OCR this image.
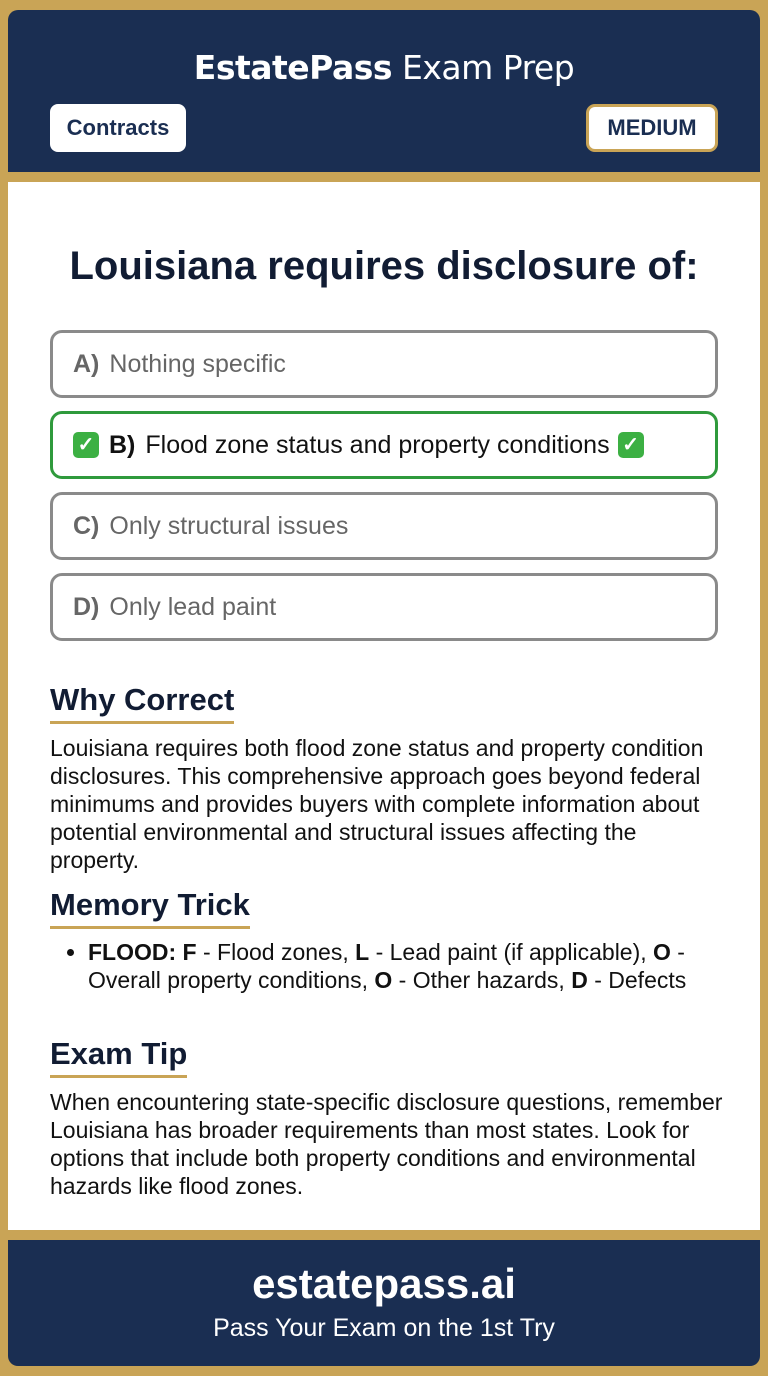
EstatePass Exam Prep
Contracts	MEDIUM
Louisiana requires disclosure of:
A) Nothing specific
✓ B) Flood zone status and property conditions ✓
C) Only structural issues
D) Only lead paint
Why Correct
Louisiana requires both flood zone status and property condition disclosures. This comprehensive approach goes beyond federal minimums and provides buyers with complete information about potential environmental and structural issues affecting the property.
Memory Trick
• FLOOD: F - Flood zones, L - Lead paint (if applicable), O - Overall property conditions, O - Other hazards, D - Defects
Exam Tip
When encountering state-specific disclosure questions, remember Louisiana has broader requirements than most states. Look for options that include both property conditions and environmental hazards like flood zones.
estatepass.ai
Pass Your Exam on the 1st Try
